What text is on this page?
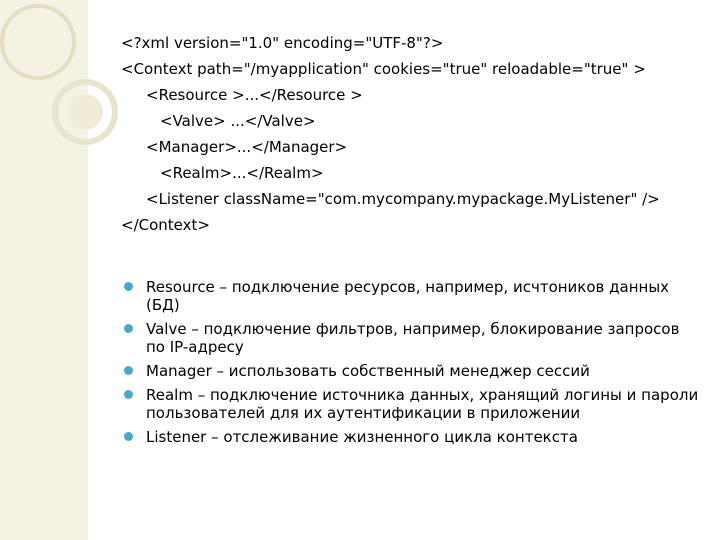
<?xml version="1.0" encoding="UTF-8"?>
<Context path="/myapplication" cookies="true" reloadable="true" >
<Resource >...</Resource >
<Valve> ...</Valve>
<Manager>...</Manager>
<Realm>...</Realm>
<Listener className="com.mycompany.mypackage.MyListener" />
</Context>
Resource – подключение ресурсов, например, исчтоников данных (БД)
Valve – подключение фильтров, например, блокирование запросов по IP-адресу
Manager – использовать собственный менеджер сессий
Realm – подключение источника данных, хранящий логины и пароли пользователей для их аутентификации в приложении
Listener – отслеживание жизненного цикла контекста
